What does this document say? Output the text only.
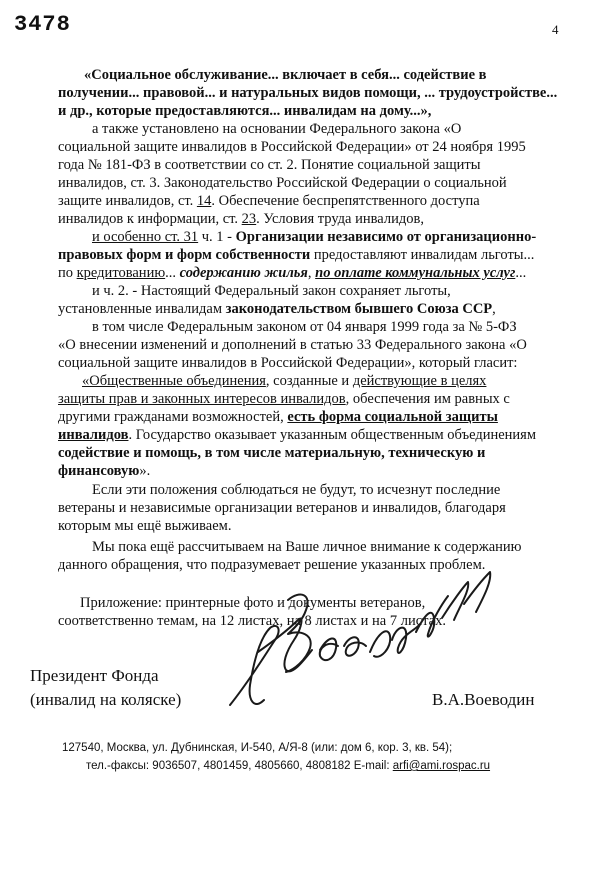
3478	4
«Социальное обслуживание... включает в себя... содействие в
получении... правовой... и натуральных видов помощи, ... трудоустройстве...
и др., которые предоставляются... инвалидам на дому...»,
а также установлено на основании Федерального закона «О
социальной защите инвалидов в Российской Федерации» от 24 ноября 1995
года № 181-ФЗ в соответствии со ст. 2. Понятие социальной защиты
инвалидов, ст. 3. Законодательство Российской Федерации о социальной
защите инвалидов, ст. 14. Обеспечение беспрепятственного доступа
инвалидов к информации, ст. 23. Условия труда инвалидов,
и особенно ст. 31 ч. 1 - Организации независимо от организационно-
правовых форм и форм собственности предоставляют инвалидам льготы...
по кредитованию... содержанию жилья, по оплате коммунальных услуг...
и ч. 2. - Настоящий Федеральный закон сохраняет льготы,
установленные инвалидам законодательством бывшего Союза ССР,
в том числе Федеральным законом от 04 января 1999 года за № 5-ФЗ
«О внесении изменений и дополнений в статью 33 Федерального закона «О
социальной защите инвалидов в Российской Федерации», который гласит:
«Общественные объединения, созданные и действующие в целях
защиты прав и законных интересов инвалидов, обеспечения им равных с
другими гражданами возможностей, есть форма социальной защиты
инвалидов. Государство оказывает указанным общественным объединениям
содействие и помощь, в том числе материальную, техническую и
финансовую».
Если эти положения соблюдаться не будут, то исчезнут последние
ветераны и независимые организации ветеранов и инвалидов, благодаря
которым мы ещё выживаем.
Мы пока ещё рассчитываем на Ваше личное внимание к содержанию
данного обращения, что подразумевает решение указанных проблем.
Приложение: принтерные фото и документы ветеранов,
соответственно темам, на 12 листах, на 8 листах и на 7 листах.
Президент Фонда
(инвалид на коляске)	В.А.Воеводин
127540, Москва, ул. Дубнинская, И-540, А/Я-8 (или: дом 6, кор. 3, кв. 54);
тел.-факсы: 9036507, 4801459, 4805660, 4808182 E-mail: arfi@ami.rospac.ru
